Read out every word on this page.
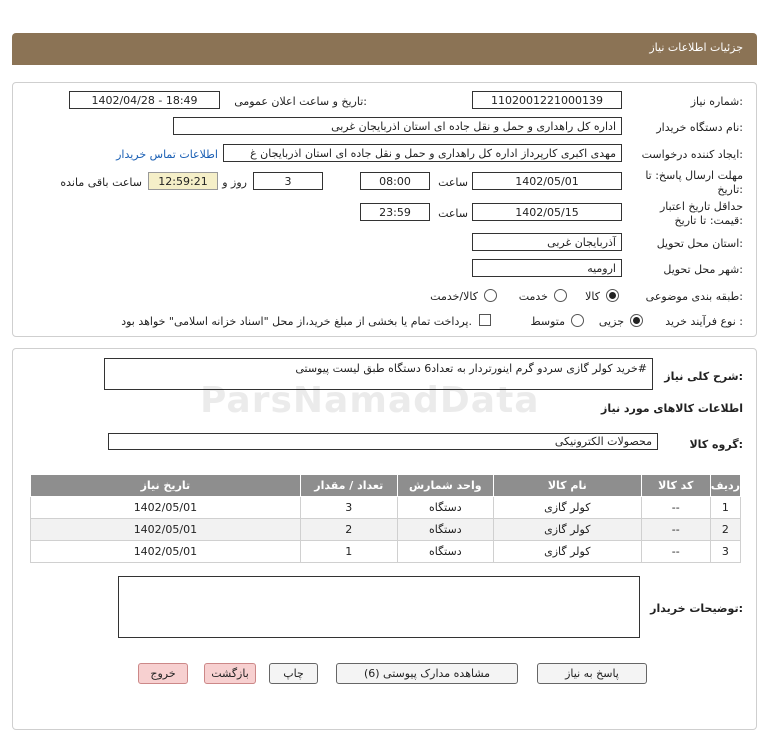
جزئیات اطلاعات نیاز
شماره نیاز:
1102001221000139
تاریخ و ساعت اعلان عمومی:
1402/04/28 - 18:49
نام دستگاه خریدار:
اداره کل راهداری و حمل و نقل جاده ای استان اذربایجان غربی
ایجاد کننده درخواست:
مهدی اکبری کارپرداز اداره کل راهداری و حمل و نقل جاده ای استان اذربایجان غ
اطلاعات تماس خریدار
مهلت ارسال پاسخ: تا
تاریخ:
1402/05/01
ساعت
08:00
3
روز و
12:59:21
ساعت باقی مانده
حداقل تاریخ اعتبار
قیمت: تا تاریخ:
1402/05/15
ساعت
23:59
استان محل تحویل:
آذربایجان غربی
شهر محل تحویل:
ارومیه
طبقه بندی موضوعی:
کالا
خدمت
کالا/خدمت
نوع فرآیند خرید :
جزیی
متوسط
پرداخت تمام یا بخشی از مبلغ خرید،از محل "اسناد خزانه اسلامی" خواهد بود.
شرح کلی نیاز:
خرید کولر گازی سردو گرم اینورتردار به تعداد6 دستگاه طبق لیست پیوستی#
اطلاعات کالاهای مورد نیاز
گروه کالا:
محصولات الکترونیکی
ردیف	کد کالا	نام کالا	واحد شمارش	تعداد / مقدار	تاریخ نیاز
1	--	کولر گازی	دستگاه	3	1402/05/01
2	--	کولر گازی	دستگاه	2	1402/05/01
3	--	کولر گازی	دستگاه	1	1402/05/01
توضیحات خریدار:
پاسخ به نیاز
مشاهده مدارک پیوستی (6)
چاپ
بازگشت
خروج
ParsNamadData
